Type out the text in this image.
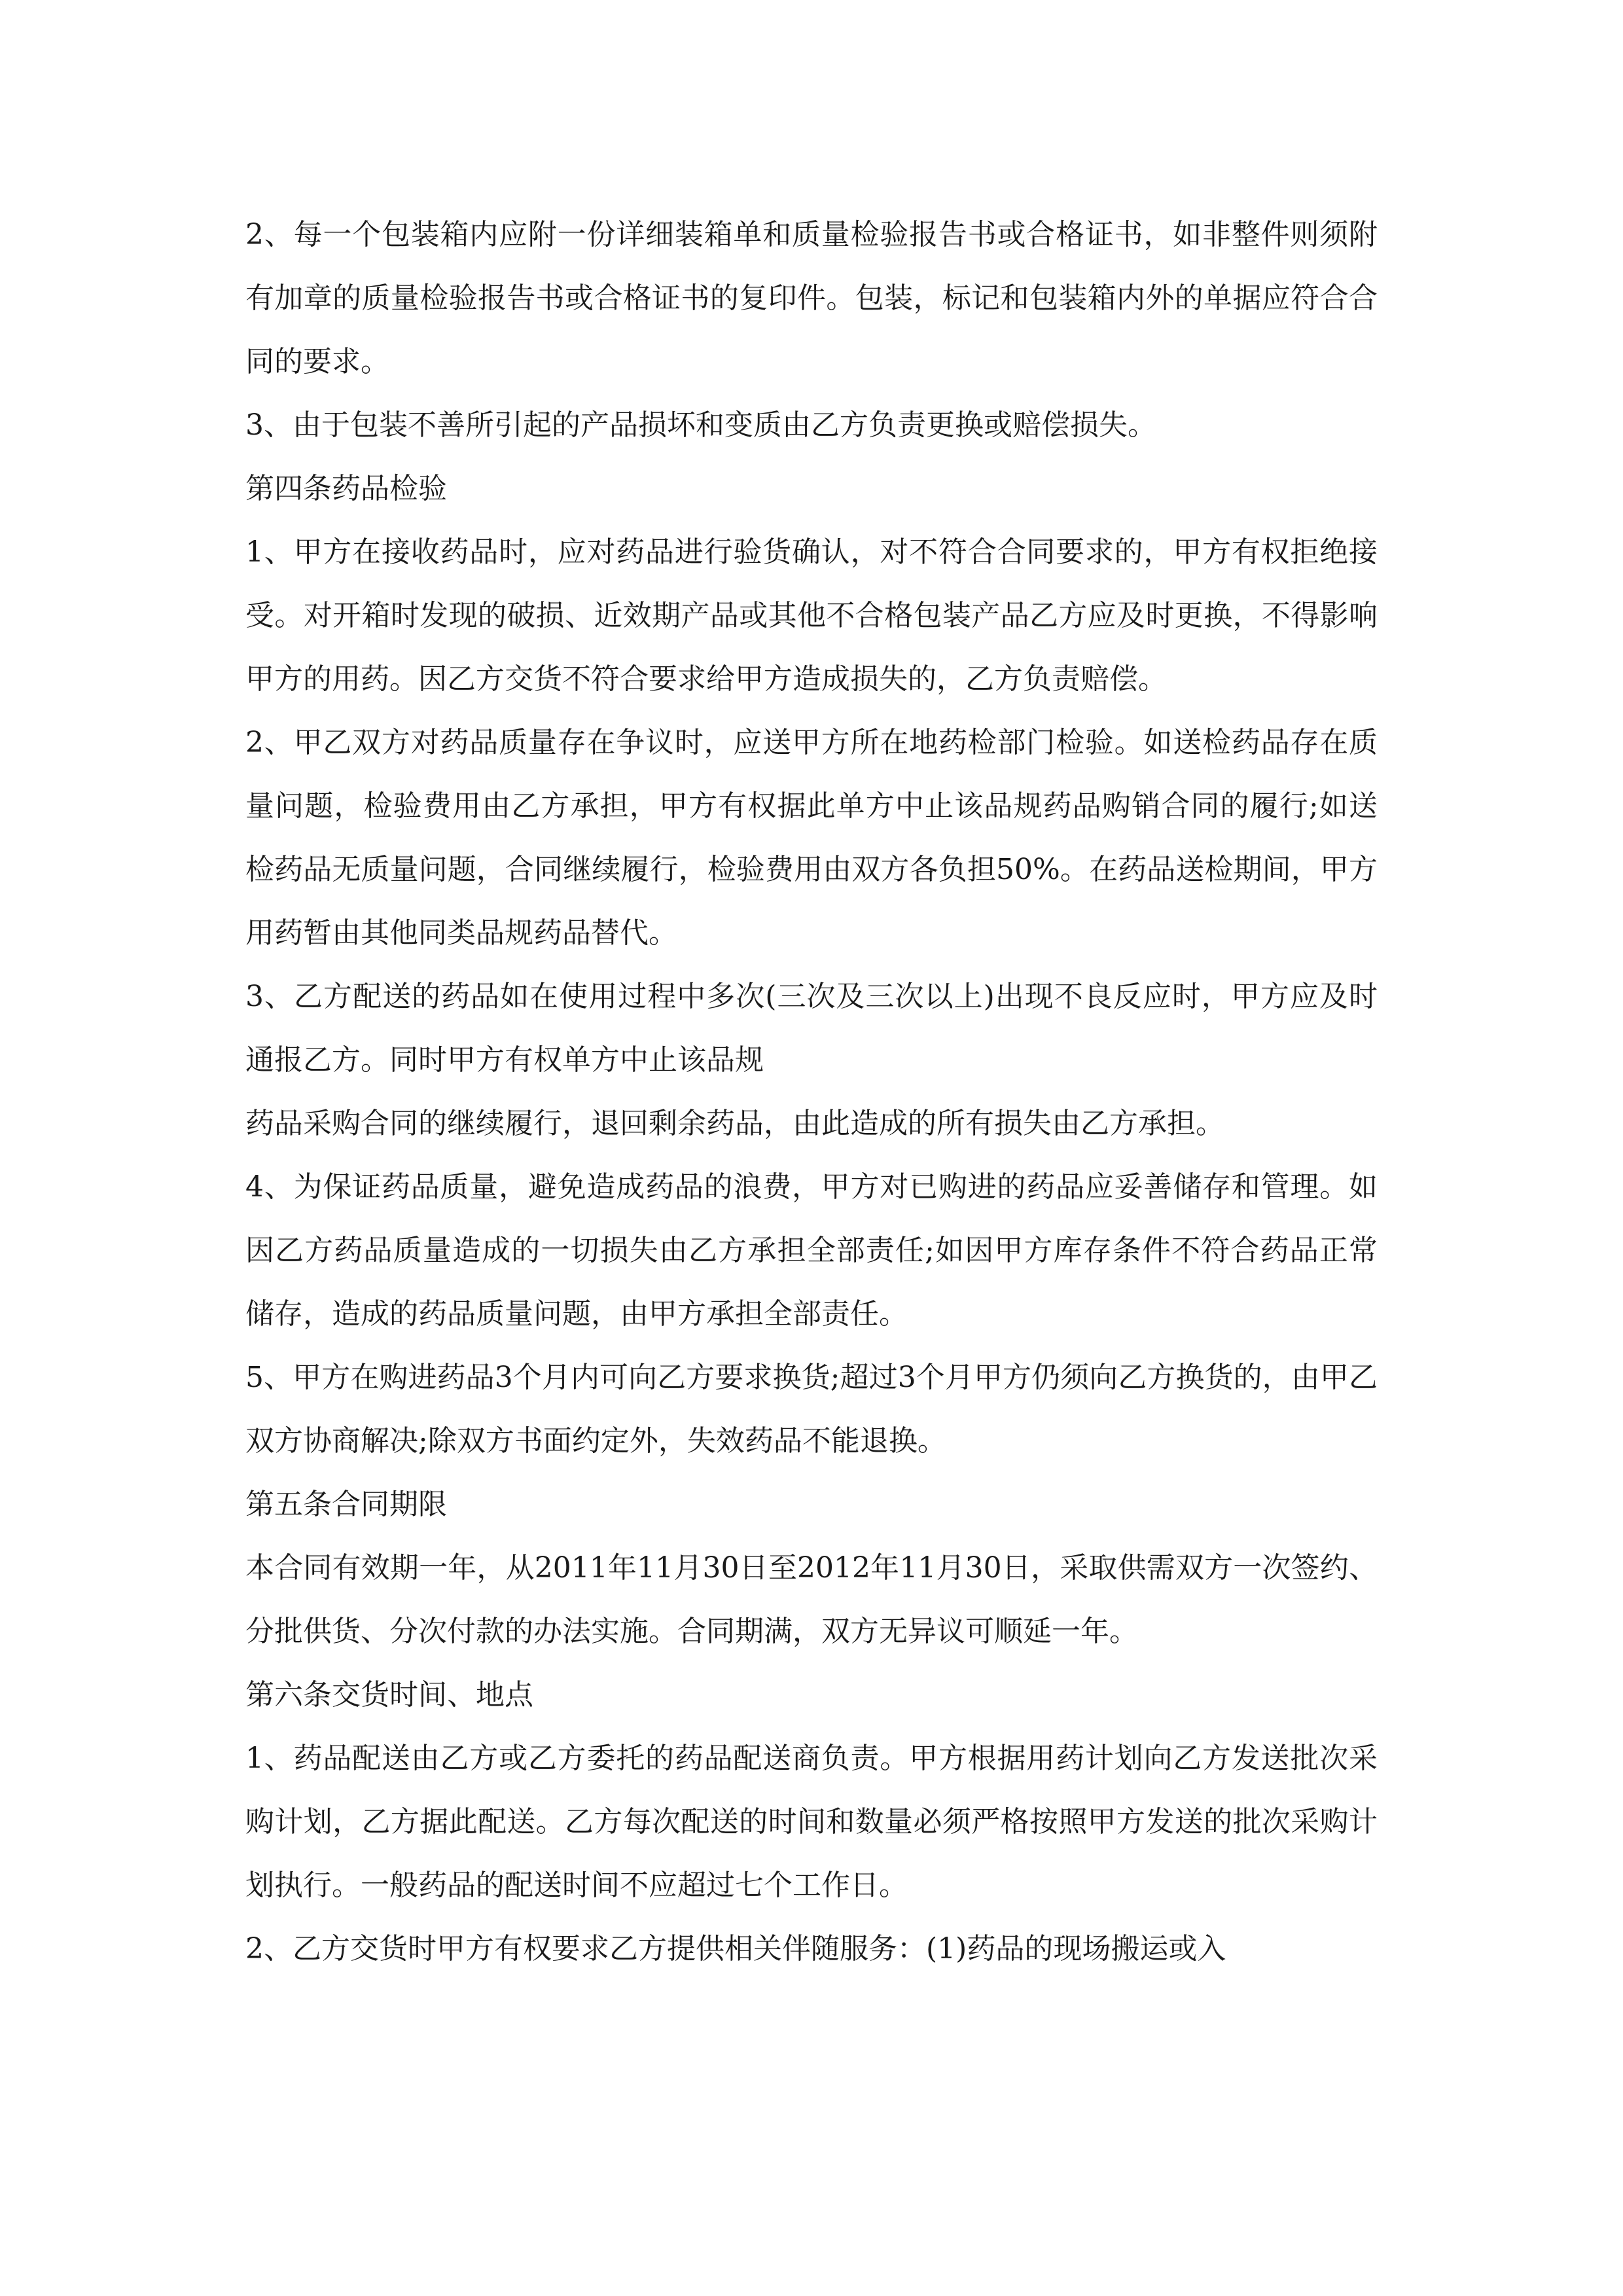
2、每一个包装箱内应附一份详细装箱单和质量检验报告书或合格证书，如非整件则须附有加章的质量检验报告书或合格证书的复印件。包装，标记和包装箱内外的单据应符合合同的要求。

3、由于包装不善所引起的产品损坏和变质由乙方负责更换或赔偿损失。

第四条药品检验

1、甲方在接收药品时，应对药品进行验货确认，对不符合合同要求的，甲方有权拒绝接受。对开箱时发现的破损、近效期产品或其他不合格包装产品乙方应及时更换，不得影响甲方的用药。因乙方交货不符合要求给甲方造成损失的，乙方负责赔偿。

2、甲乙双方对药品质量存在争议时，应送甲方所在地药检部门检验。如送检药品存在质量问题，检验费用由乙方承担，甲方有权据此单方中止该品规药品购销合同的履行;如送检药品无质量问题，合同继续履行，检验费用由双方各负担50%。在药品送检期间，甲方用药暂由其他同类品规药品替代。

3、乙方配送的药品如在使用过程中多次(三次及三次以上)出现不良反应时，甲方应及时通报乙方。同时甲方有权单方中止该品规

药品采购合同的继续履行，退回剩余药品，由此造成的所有损失由乙方承担。

4、为保证药品质量，避免造成药品的浪费，甲方对已购进的药品应妥善储存和管理。如因乙方药品质量造成的一切损失由乙方承担全部责任;如因甲方库存条件不符合药品正常储存，造成的药品质量问题，由甲方承担全部责任。

5、甲方在购进药品3个月内可向乙方要求换货;超过3个月甲方仍须向乙方换货的，由甲乙双方协商解决;除双方书面约定外，失效药品不能退换。

第五条合同期限

本合同有效期一年，从2011年11月30日至2012年11月30日，采取供需双方一次签约、分批供货、分次付款的办法实施。合同期满，双方无异议可顺延一年。

第六条交货时间、地点

1、药品配送由乙方或乙方委托的药品配送商负责。甲方根据用药计划向乙方发送批次采购计划，乙方据此配送。乙方每次配送的时间和数量必须严格按照甲方发送的批次采购计划执行。一般药品的配送时间不应超过七个工作日。

2、乙方交货时甲方有权要求乙方提供相关伴随服务：(1)药品的现场搬运或入
